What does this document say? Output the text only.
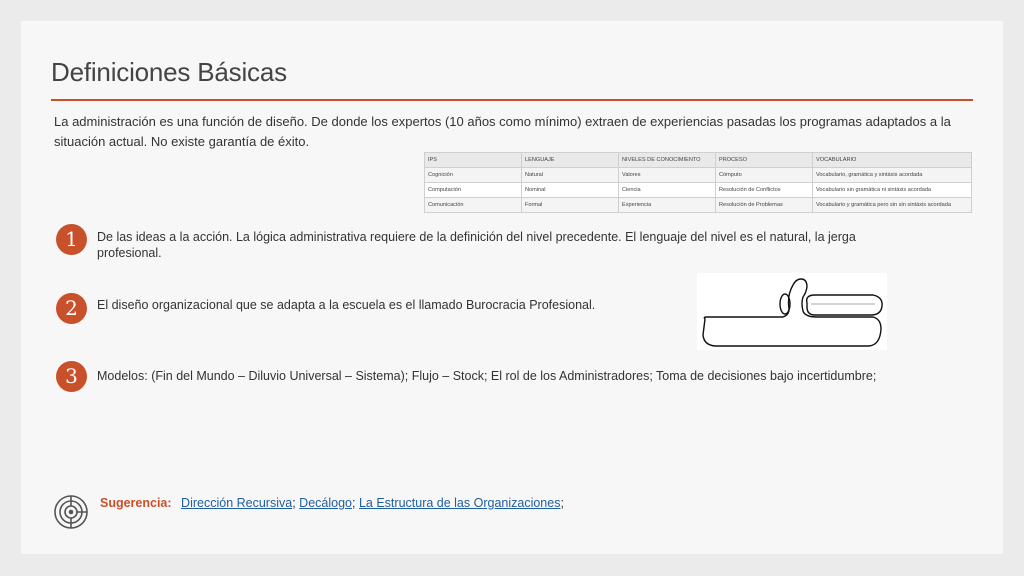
Definiciones Básicas
La administración es una función de diseño. De donde los expertos (10 años como mínimo) extraen de experiencias pasadas los programas adaptados a la situación actual. No existe garantía de éxito.
IPS	LENGUAJE	NIVELES DE CONOCIMIENTO	PROCESO	VOCABULARIO
Cognición	Natural	Valores	Cómputo	Vocabulario, gramática y sintáxis acordada
Computación	Nominal	Ciencia	Resolución de Conflictos	Vocabulario sin gramática ni sintáxis acordada
Comunicación	Formal	Experiencia	Resolución de Problemas	Vocabulario y gramática pero sin sin sintáxis acordada
1	De las ideas a la acción. La lógica administrativa requiere de la definición del nivel precedente. El lenguaje del nivel es el natural, la jerga profesional.
2	El diseño organizacional que se adapta a la escuela es el llamado Burocracia Profesional.
3	Modelos: (Fin del Mundo – Diluvio Universal – Sistema); Flujo – Stock; El rol de los Administradores; Toma de decisiones bajo incertidumbre;
Sugerencia: Dirección Recursiva; Decálogo; La Estructura de las Organizaciones;
